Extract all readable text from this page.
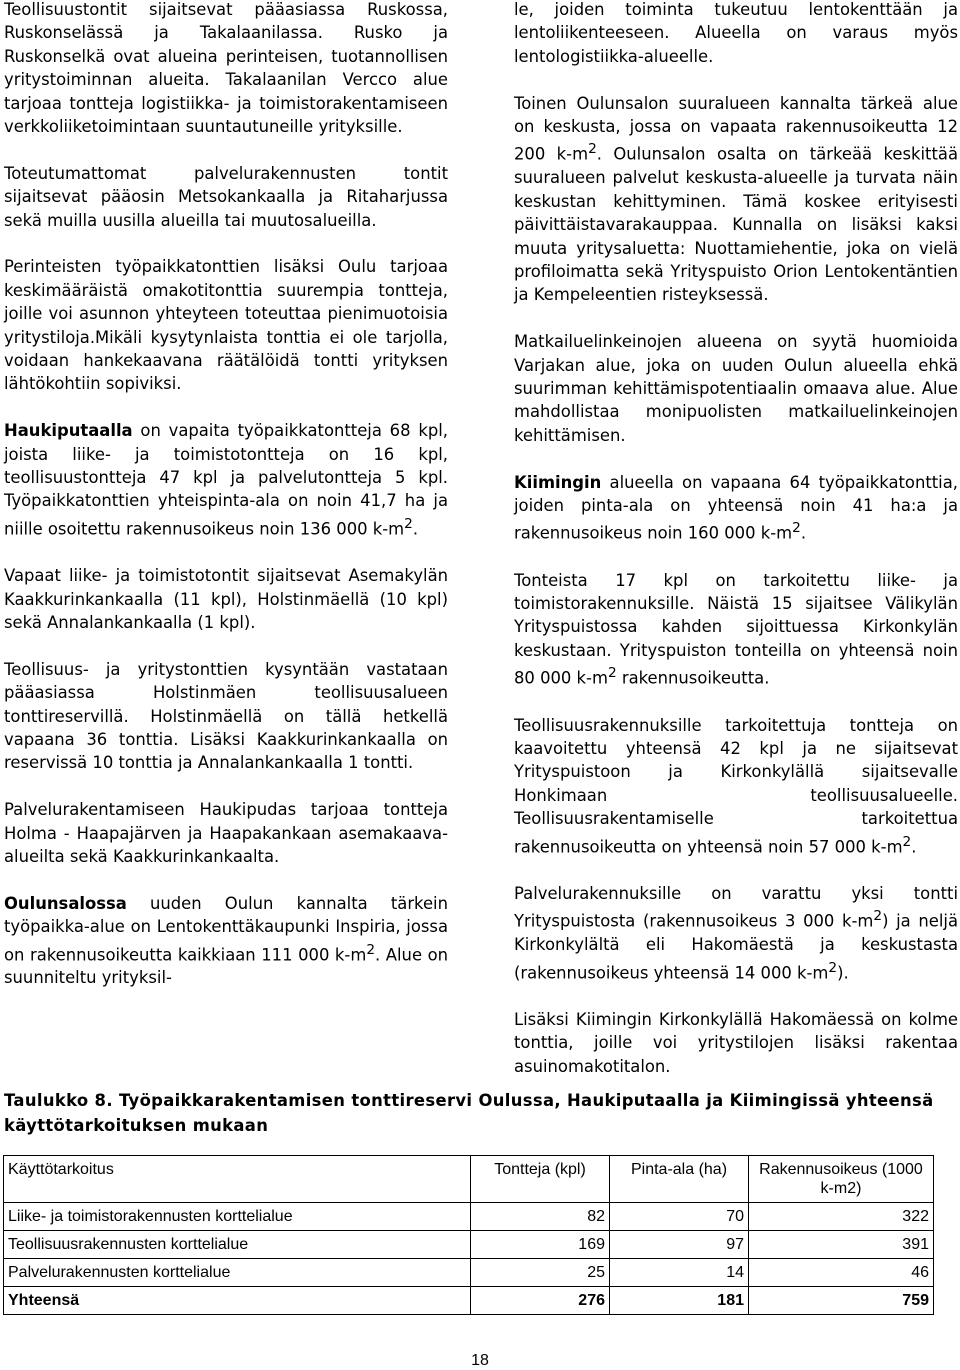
Teollisuustontit sijaitsevat pääasiassa Ruskossa, Ruskonselässä ja Takalaanilassa. Rusko ja Ruskonselkä ovat alueina perinteisen, tuotannollisen yritystoiminnan alueita. Takalaanilan Vercco alue tarjoaa tontteja logistiikka- ja toimistorakentamiseen verkkoliiketoimintaan suuntautuneille yrityksille.

Toteutumattomat palvelurakennusten tontit sijaitsevat pääosin Metsokankaalla ja Ritaharjussa sekä muilla uusilla alueilla tai muutosalueilla.

Perinteisten työpaikkatonttien lisäksi Oulu tarjoaa keskimääräistä omakotitonttia suurempia tontteja, joille voi asunnon yhteyteen toteuttaa pienimuotoisia yritystiloja.Mikäli kysytynlaista tonttia ei ole tarjolla, voidaan hankekaavana räätälöidä tontti yrityksen lähtökohtiin sopiviksi.

Haukiputaalla on vapaita työpaikkatontteja 68 kpl, joista liike- ja toimistotontteja on 16 kpl, teollisuustontteja 47 kpl ja palvelutontteja 5 kpl. Työpaikkatonttien yhteispinta-ala on noin 41,7 ha ja niille osoitettu rakennusoikeus noin 136 000 $k-m^2$.

Vapaat liike- ja toimistotontit sijaitsevat Asemakylän Kaakkurinkankaalla (11 kpl), Holstinmäellä (10 kpl) sekä Annalankankaalla (1 kpl).

Teollisuus- ja yritystonttien kysyntään vastataan pääasiassa Holstinmäen teollisuusalueen tonttireservillä. Holstinmäellä on tällä hetkellä vapaana 36 tonttia. Lisäksi Kaakkurinkankaalla on reservissä 10 tonttia ja Annalankankaalla 1 tontti.

Palvelurakentamiseen Haukipudas tarjoaa tontteja Holma - Haapajärven ja Haapakankaan asemakaava-alueilta sekä Kaakkurinkankaalta.

Oulunsalossa uuden Oulun kannalta tärkein työpaikka-alue on Lentokenttäkaupunki Inspiria, jossa on rakennusoikeutta kaikkiaan 111 000 $k-m^2$. Alue on suunniteltu yrityksil-

le, joiden toiminta tukeutuu lentokenttään ja lentoliikenteeseen. Alueella on varaus myös lentologistiikka-alueelle.

Toinen Oulunsalon suuralueen kannalta tärkeä alue on keskusta, jossa on vapaata rakennusoikeutta 12 200 $k-m^2$. Oulunsalon osalta on tärkeää keskittää suuralueen palvelut keskusta-alueelle ja turvata näin keskustan kehittyminen. Tämä koskee erityisesti päivittäistavarakauppaa. Kunnalla on lisäksi kaksi muuta yritysaluetta: Nuottamiehentie, joka on vielä profiloimatta sekä Yrityspuisto Orion Lentokentäntien ja Kempeleentien risteyksessä.

Matkailuelinkeinojen alueena on syytä huomioida Varjakan alue, joka on uuden Oulun alueella ehkä suurimman kehittämispotentiaalin omaava alue. Alue mahdollistaa monipuolisten matkailuelinkeinojen kehittämisen.

Kiimingin alueella on vapaana 64 työpaikkatonttia, joiden pinta-ala on yhteensä noin 41 ha:a ja rakennusoikeus noin 160 000 $k-m^2$.

Tonteista 17 kpl on tarkoitettu liike- ja toimistorakennuksille. Näistä 15 sijaitsee Välikylän Yrityspuistossa kahden sijoittuessa Kirkonkylän keskustaan. Yrityspuiston tonteilla on yhteensä noin 80 000 $k-m^2$ rakennusoikeutta.

Teollisuusrakennuksille tarkoitettuja tontteja on kaavoitettu yhteensä 42 kpl ja ne sijaitsevat Yrityspuistoon ja Kirkonkylällä sijaitsevalle Honkimaan teollisuusalueelle. Teollisuusrakentamiselle tarkoitettua rakennusoikeutta on yhteensä noin 57 000 $k-m^2$.

Palvelurakennuksille on varattu yksi tontti Yrityspuistosta (rakennusoikeus 3 000 $k-m^2$) ja neljä Kirkonkylältä eli Hakomäestä ja keskustasta (rakennusoikeus yhteensä 14 000 $k-m^2$).

Lisäksi Kiimingin Kirkonkylällä Hakomäessä on kolme tonttia, joille voi yritystilojen lisäksi rakentaa asuinomakotitalon.

Taulukko 8. Työpaikkarakentamisen tonttireservi Oulussa, Haukiputaalla ja Kiimingissä yhteensä käyttötarkoituksen mukaan
Käyttötarkoitus	Tontteja (kpl)	Pinta-ala (ha)	Rakennusoikeus (1000 k-m2)
Liike- ja toimistorakennusten korttelialue	82	70	322
Teollisuusrakennusten korttelialue	169	97	391
Palvelurakennusten korttelialue	25	14	46
Yhteensä	276	181	759
18
